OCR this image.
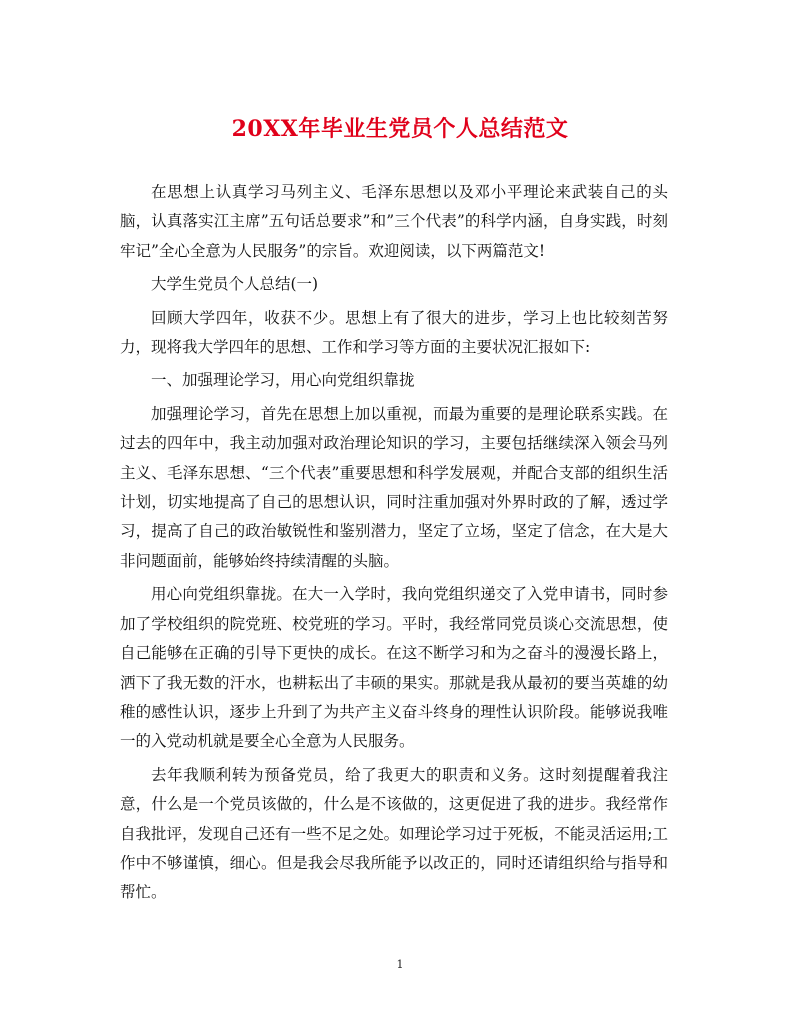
20XX年毕业生党员个人总结范文

在思想上认真学习马列主义、毛泽东思想以及邓小平理论来武装自己的头脑，认真落实江主席”五句话总要求”和”三个代表”的科学内涵，自身实践，时刻牢记”全心全意为人民服务”的宗旨。欢迎阅读，以下两篇范文!

大学生党员个人总结(一)

回顾大学四年，收获不少。思想上有了很大的进步，学习上也比较刻苦努力，现将我大学四年的思想、工作和学习等方面的主要状况汇报如下:

一、加强理论学习，用心向党组织靠拢

加强理论学习，首先在思想上加以重视，而最为重要的是理论联系实践。在过去的四年中，我主动加强对政治理论知识的学习，主要包括继续深入领会马列主义、毛泽东思想、“三个代表”重要思想和科学发展观，并配合支部的组织生活计划，切实地提高了自己的思想认识，同时注重加强对外界时政的了解，透过学习，提高了自己的政治敏锐性和鉴别潜力，坚定了立场，坚定了信念，在大是大非问题面前，能够始终持续清醒的头脑。

用心向党组织靠拢。在大一入学时，我向党组织递交了入党申请书，同时参加了学校组织的院党班、校党班的学习。平时，我经常同党员谈心交流思想，使自己能够在正确的引导下更快的成长。在这不断学习和为之奋斗的漫漫长路上，洒下了我无数的汗水，也耕耘出了丰硕的果实。那就是我从最初的要当英雄的幼稚的感性认识，逐步上升到了为共产主义奋斗终身的理性认识阶段。能够说我唯一的入党动机就是要全心全意为人民服务。

去年我顺利转为预备党员，给了我更大的职责和义务。这时刻提醒着我注意，什么是一个党员该做的，什么是不该做的，这更促进了我的进步。我经常作自我批评，发现自己还有一些不足之处。如理论学习过于死板，不能灵活运用;工作中不够谨慎，细心。但是我会尽我所能予以改正的，同时还请组织给与指导和帮忙。

1
